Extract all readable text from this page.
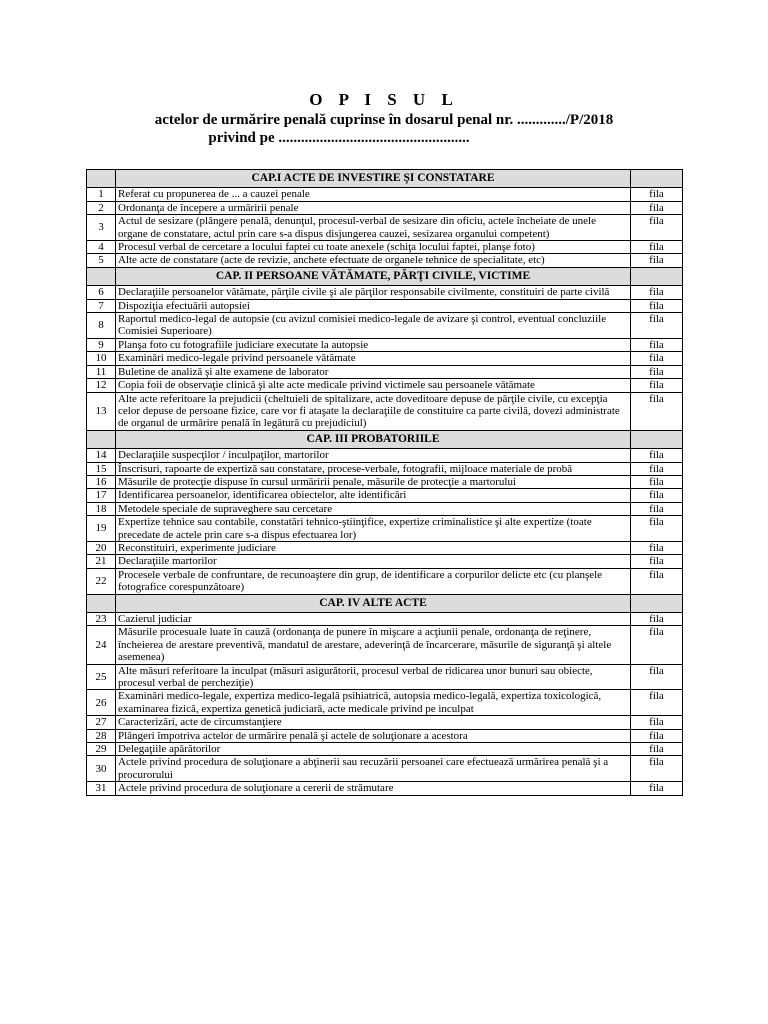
O P I S U L
actelor de urmărire penală cuprinse în dosarul penal nr. ............./P/2018
privind pe ...................................................
	CAP.I ACTE DE INVESTIRE ŞI CONSTATARE	
1	Referat cu propunerea de ... a cauzei penale	fila
2	Ordonanţa de începere a urmăririi penale	fila
3	Actul de sesizare (plângere penală, denunţul, procesul-verbal de sesizare din oficiu, actele încheiate de unele organe de constatare, actul prin care s-a dispus disjungerea cauzei, sesizarea organului competent)	fila
4	Procesul verbal de cercetare a locului faptei cu toate anexele (schiţa locului faptei, planşe foto)	fila
5	Alte acte de constatare (acte de revizie, anchete efectuate de organele tehnice de specialitate, etc)	fila
	CAP. II PERSOANE VĂTĂMATE, PĂRŢI CIVILE, VICTIME	
6	Declaraţiile persoanelor vătămate, părţile civile şi ale părţilor responsabile civilmente, constituiri de parte civilă	fila
7	Dispoziţia efectuării autopsiei	fila
8	Raportul medico-legal de autopsie (cu avizul comisiei medico-legale de avizare şi control, eventual concluziile Comisiei Superioare)	fila
9	Planşa foto cu fotografiile judiciare executate la autopsie	fila
10	Examinări medico-legale privind persoanele vătămate	fila
11	Buletine de analiză şi alte examene de laborator	fila
12	Copia foii de observaţie clinică şi alte acte medicale privind victimele sau persoanele vătămate	fila
13	Alte acte referitoare la prejudicii (cheltuieli de spitalizare, acte doveditoare depuse de părţile civile, cu excepţia celor depuse de persoane fizice, care vor fi ataşate la declaraţiile de constituire ca parte civilă, dovezi administrate de organul de urmărire penală în legătură cu prejudiciul)	fila
	CAP. III PROBATORIILE	
14	Declaraţiile suspecţilor / inculpaţilor, martorilor	fila
15	Înscrisuri, rapoarte de expertiză sau constatare, procese-verbale, fotografii, mijloace materiale de probă	fila
16	Măsurile de protecţie dispuse în cursul urmăririi penale, măsurile de protecţie a martorului	fila
17	Identificarea persoanelor, identificarea obiectelor, alte identificări	fila
18	Metodele speciale de supraveghere sau cercetare	fila
19	Expertize tehnice sau contabile, constatări tehnico-ştiinţifice, expertize criminalistice şi alte expertize (toate precedate de actele prin care s-a dispus efectuarea lor)	fila
20	Reconstituiri, experimente judiciare	fila
21	Declaraţiile martorilor	fila
22	Procesele verbale de confruntare, de recunoaştere din grup, de identificare a corpurilor delicte etc (cu planşele fotografice corespunzătoare)	fila
	CAP. IV ALTE ACTE	
23	Cazierul judiciar	fila
24	Măsurile procesuale luate în cauză (ordonanţa de punere în mişcare a acţiunii penale, ordonanţa de reţinere, încheierea de arestare preventivă, mandatul de arestare, adeverinţă de încarcerare, măsurile de siguranţă şi altele asemenea)	fila
25	Alte măsuri referitoare la inculpat (măsuri asigurătorii, procesul verbal de ridicarea unor bunuri sau obiecte, procesul verbal de percheziţie)	fila
26	Examinări medico-legale, expertiza medico-legală psihiatrică, autopsia medico-legală, expertiza toxicologică, examinarea fizică, expertiza genetică judiciară, acte medicale privind pe inculpat	fila
27	Caracterizări, acte de circumstanţiere	fila
28	Plângeri împotriva actelor de urmărire penală şi actele de soluţionare a acestora	fila
29	Delegaţiile apărătorilor	fila
30	Actele privind procedura de soluţionare a abţinerii sau recuzării persoanei care efectuează urmărirea penală şi a procurorului	fila
31	Actele privind procedura de soluţionare a cererii de strămutare	fila
